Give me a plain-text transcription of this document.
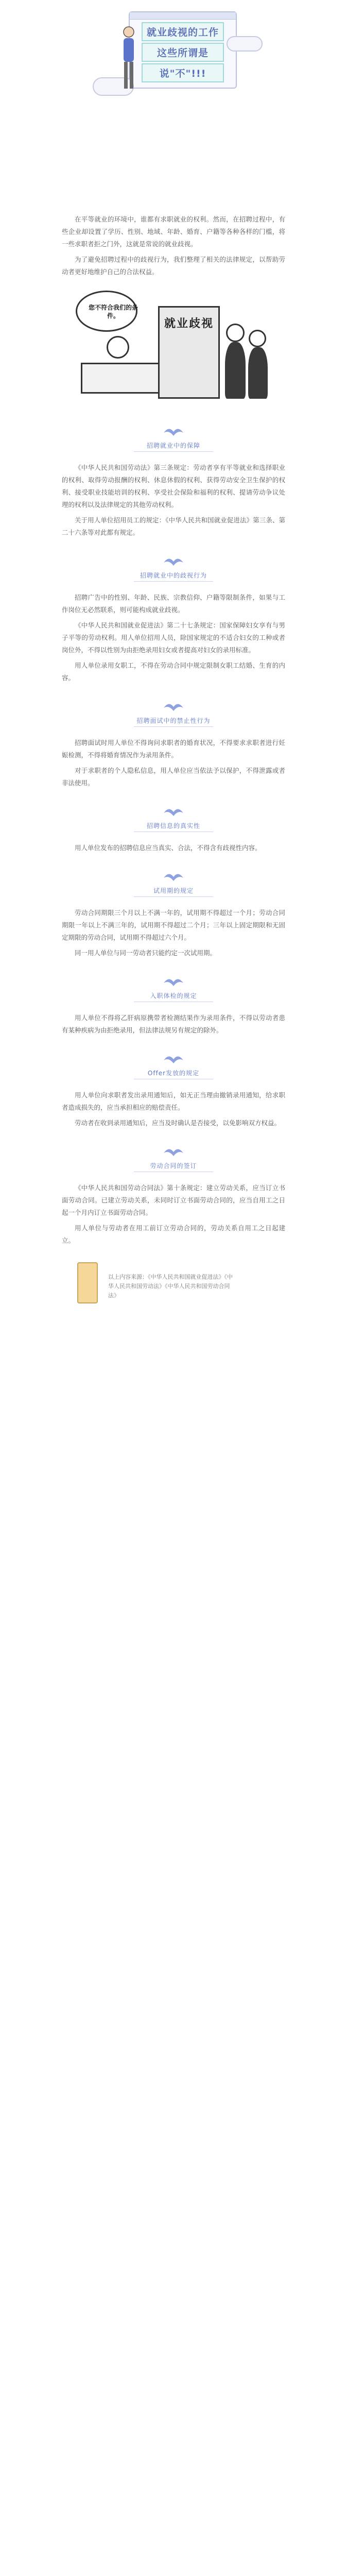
就业歧视的工作
这些所谓是
说"不"!!!

在平等就业的环境中，谁都有求职就业的权利。然而，在招聘过程中，有些企业却设置了学历、性别、地域、年龄、婚育、户籍等各种各样的门槛，将一些求职者拒之门外，这就是常说的就业歧视。

为了避免招聘过程中的歧视行为，我们整理了相关的法律规定，以帮助劳动者更好地维护自己的合法权益。

您不符合我们的条件。
就业歧视
招聘就业中的保障

《中华人民共和国劳动法》第三条规定：劳动者享有平等就业和选择职业的权利、取得劳动报酬的权利、休息休假的权利、获得劳动安全卫生保护的权利、接受职业技能培训的权利、享受社会保险和福利的权利、提请劳动争议处理的权利以及法律规定的其他劳动权利。

关于用人单位招用员工的规定：《中华人民共和国就业促进法》第三条、第二十六条等对此都有规定。

招聘就业中的歧视行为

招聘广告中的性别、年龄、民族、宗教信仰、户籍等限制条件，如果与工作岗位无必然联系，则可能构成就业歧视。

《中华人民共和国就业促进法》第二十七条规定：国家保障妇女享有与男子平等的劳动权利。用人单位招用人员，除国家规定的不适合妇女的工种或者岗位外，不得以性别为由拒绝录用妇女或者提高对妇女的录用标准。

用人单位录用女职工，不得在劳动合同中规定限制女职工结婚、生育的内容。

招聘面试中的禁止性行为

招聘面试时用人单位不得询问求职者的婚育状况，不得要求求职者进行妊娠检测，不得将婚育情况作为录用条件。

对于求职者的个人隐私信息，用人单位应当依法予以保护，不得泄露或者非法使用。

招聘信息的真实性

用人单位发布的招聘信息应当真实、合法，不得含有歧视性内容。

试用期的规定

劳动合同期限三个月以上不满一年的，试用期不得超过一个月；劳动合同期限一年以上不满三年的，试用期不得超过二个月；三年以上固定期限和无固定期限的劳动合同，试用期不得超过六个月。

同一用人单位与同一劳动者只能约定一次试用期。

入职体检的规定

用人单位不得将乙肝病原携带者检测结果作为录用条件，不得以劳动者患有某种疾病为由拒绝录用，但法律法规另有规定的除外。

Offer发放的规定

用人单位向求职者发出录用通知后，如无正当理由撤销录用通知，给求职者造成损失的，应当承担相应的赔偿责任。

劳动者在收到录用通知后，应当及时确认是否接受，以免影响双方权益。

劳动合同的签订

《中华人民共和国劳动合同法》第十条规定：建立劳动关系，应当订立书面劳动合同。已建立劳动关系，未同时订立书面劳动合同的，应当自用工之日起一个月内订立书面劳动合同。

用人单位与劳动者在用工前订立劳动合同的，劳动关系自用工之日起建立。

以上内容来源：《中华人民共和国就业促进法》《中华人民共和国劳动法》《中华人民共和国劳动合同法》
